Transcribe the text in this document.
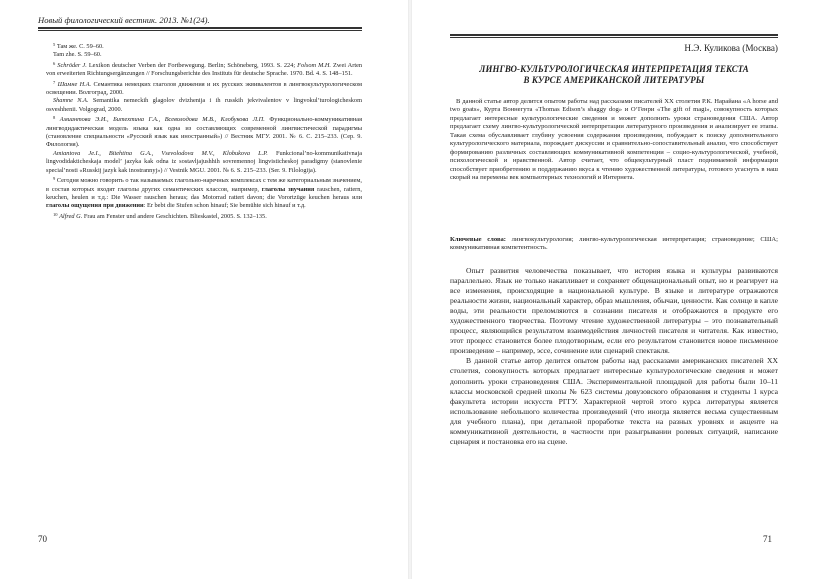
Новый филологический вестник. 2013. №1(24).
$^5$ Там же. С. 59–60.
Tam zhe. S. 59–60.
$^6$ Schröder J. Lexikon deutscher Verben der Fortbewegung. Berlin; Schöneberg, 1993. S. 224; Folsom M.H. Zwei Arten von erweiterten Richtungsergänzungen // Forschungsberichte des Instituts für deutsche Sprache. 1970. Bd. 4. S. 148–151.
$^7$ Шамне Н.А. Семантика немецких глаголов движения и их русских эквивалентов в лингвокультурологическом освещении. Волгоград, 2000.
Shamne N.A. Semantika nemeckih glagolov dvizhenija i ih russkih jekvivalentov v lingvokul’turologicheskom osveshhenii. Volgograd, 2000.
$^8$ Амиантова Э.И., Битехтина Г.А., Всеволодова М.В., Клобукова Л.П. Функционально-коммуникативная лингводидактическая модель языка как одна из составляющих современной лингвистической парадигмы (становление специальности «Русский язык как иностранный») // Вестник МГУ. 2001. № 6. С. 215–233. (Сер. 9. Филология).
Amiantova Je.I., Bitehtina G.A., Vsevolodova M.V., Klobukova L.P. Funkcional’no-kommunikativnaja lingvodidakticheskaja model’ jazyka kak odna iz sostavljajushhih sovremennoj lingvisticheskoj paradigmy (stanovlenie special’nosti «Russkij jazyk kak inostrannyj») // Vestnik MGU. 2001. № 6. S. 215–233. (Ser. 9. Filologija).
$^9$ Сегодня можно говорить о так называемых глагольно-наречных комплексах с тем же категориальным значением, в состав которых входят глаголы других семантических классов, например, глаголы звучания rauschen, rattern, keuchen, heulen и т.д.: Die Wasser rauschen heraus; das Motorrad rattert davon; die Vorortzüge keuchen heraus или глаголы ощущения при движении: Er bebt die Stufen schon hinauf; Sie bemühte sich hinauf и т.д.
$^{10}$ Alfred G. Frau am Fenster und andere Geschichten. Blieskastel, 2005. S. 132–135.
70
Н.Э. Куликова (Москва)
ЛИНГВО-КУЛЬТУРОЛОГИЧЕСКАЯ ИНТЕРПРЕТАЦИЯ ТЕКСТА
В КУРСЕ АМЕРИКАНСКОЙ ЛИТЕРАТУРЫ
В данной статье автор делится опытом работы над рассказами писателей XX столетия Р.К. Нарайана «A horse and two goats», Курта Воннегута «Thomas Edison’s shaggy dog» и О’Генри «The gift of magi», совокупность которых предлагает интересные культурологические сведения и может дополнить уроки страноведения США. Автор предлагает схему лингво-культурологической интерпретации литературного произведения и анализирует ее этапы. Такая схема обуславливает глубину усвоения содержания произведения, побуждает к поиску дополнительного культурологического материала, порождает дискуссии и сравнительно-сопоставительный анализ, что способствует формированию различных составляющих коммуникативной компетенции – социо-культурологической, учебной, психологической и нравственной. Автор считает, что общекультурный пласт поднимаемой информации способствует приобретению и поддержанию вкуса к чтению художественной литературы, готового угаснуть в наш скорый на перемены век компьютерных технологий и Интернета.
Ключевые слова: лингвокультурология; лингво-культурологическая интерпретация; страноведение; США; коммуникативная компетентность.

Опыт развития человечества показывает, что история языка и культуры развиваются параллельно. Язык не только накапливает и сохраняет общенациональный опыт, но и реагирует на все изменения, происходящие в национальной культуре. В языке и литературе отражаются реальности жизни, национальный характер, образ мышления, обычаи, ценности. Как солнце в капле воды, эти реальности преломляются в сознании писателя и отображаются в продукте его художественного творчества. Поэтому чтение художественной литературы – это познавательный процесс, являющийся результатом взаимодействия личностей писателя и читателя. Как известно, этот процесс становится более плодотворным, если его результатом становится новое письменное произведение – например, эссе, сочинение или сценарий спектакля.

В данной статье автор делится опытом работы над рассказами американских писателей XX столетия, совокупность которых предлагает интересные культурологические сведения и может дополнить уроки страноведения США. Экспериментальной площадкой для работы были 10–11 классы московской средней школы № 623 системы довузовского образования и студенты 1 курса факультета истории искусств РГГУ. Характерной чертой этого курса литературы является использование небольшого количества произведений (что иногда является весьма существенным для учебного плана), при детальной проработке текста на разных уровнях и акценте на коммуникативной деятельности, в частности при разыгрывании ролевых ситуаций, написание сценария и постановка его на сцене.

71
